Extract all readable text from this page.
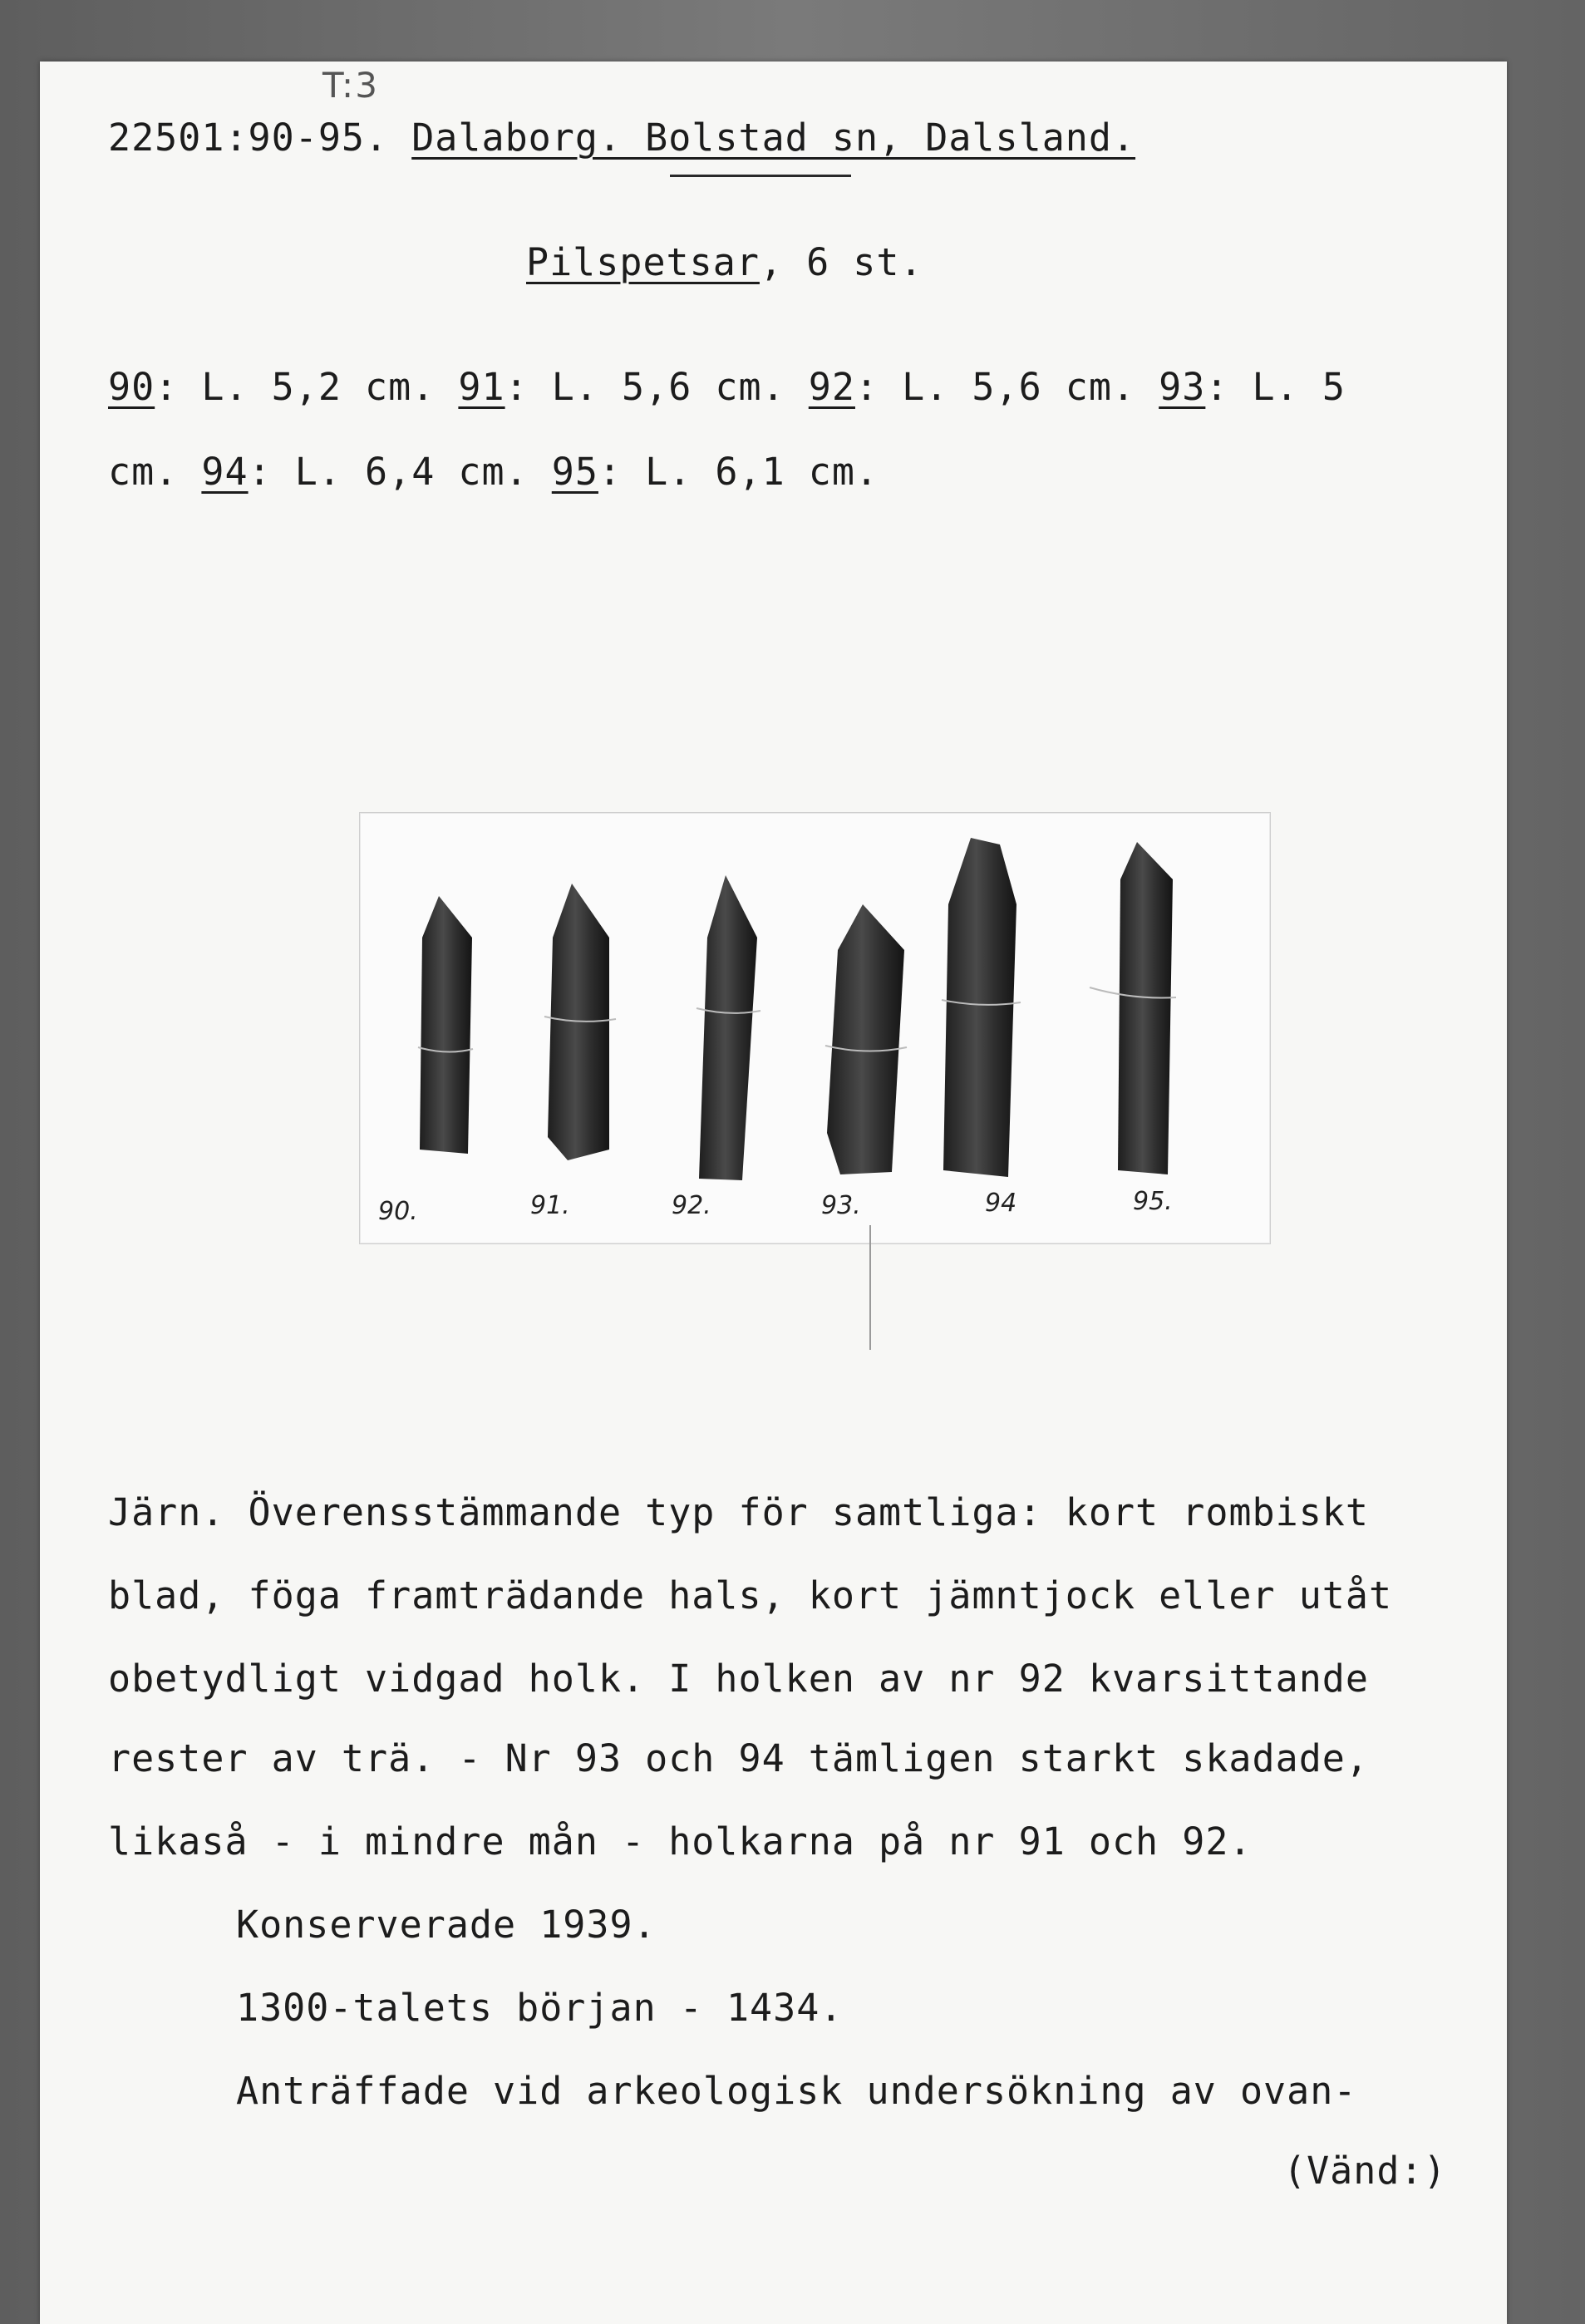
T:3
22501:90-95. Dalaborg. Bolstad sn, Dalsland.
Pilspetsar, 6 st.
90: L. 5,2 cm. 91: L. 5,6 cm. 92: L. 5,6 cm. 93: L. 5
cm. 94: L. 6,4 cm. 95: L. 6,1 cm.
90.	91.	92.	93.	94	95.
Järn. Överensstämmande typ för samtliga: kort rombiskt
blad, föga framträdande hals, kort jämntjock eller utåt
obetydligt vidgad holk. I holken av nr 92 kvarsittande
rester av trä. - Nr 93 och 94 tämligen starkt skadade,
likaså - i mindre mån - holkarna på nr 91 och 92.
Konserverade 1939.
1300-talets början - 1434.
Anträffade vid arkeologisk undersökning av ovan-
(Vänd:)
